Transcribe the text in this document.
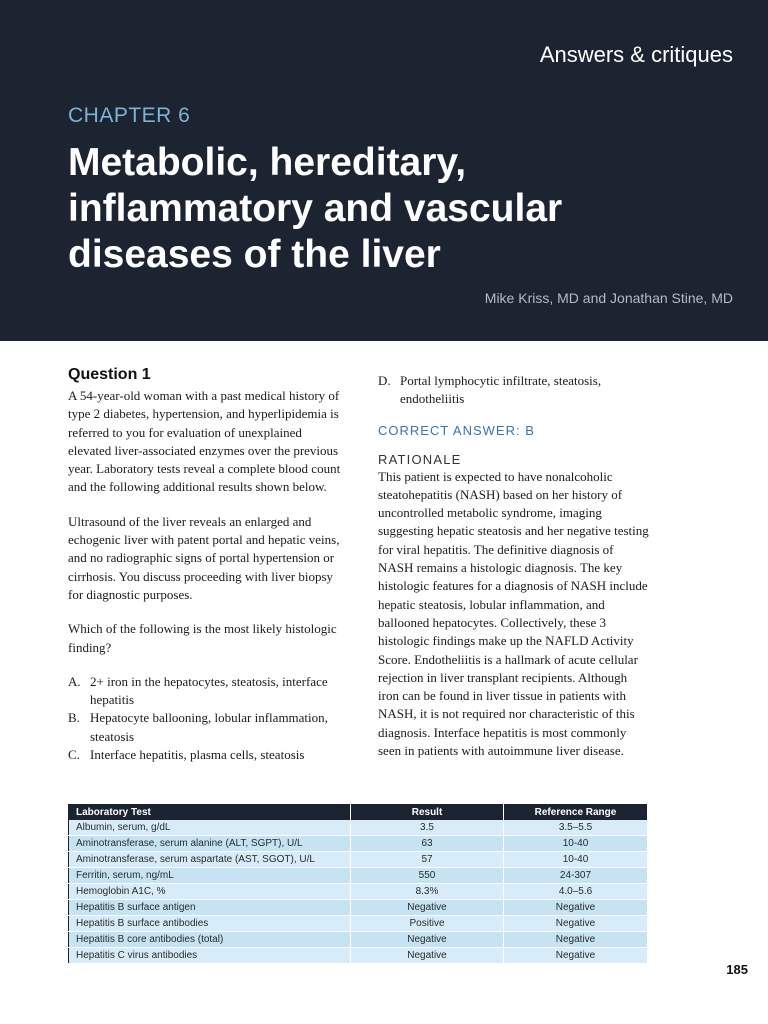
Answers & critiques

CHAPTER 6

Metabolic, hereditary,
inflammatory and vascular
diseases of the liver

Mike Kriss, MD and Jonathan Stine, MD

Question 1

A 54-year-old woman with a past medical history of type 2 diabetes, hypertension, and hyperlipidemia is referred to you for evaluation of unexplained elevated liver-associated enzymes over the previous year. Laboratory tests reveal a complete blood count and the following additional results shown below.

Ultrasound of the liver reveals an enlarged and echogenic liver with patent portal and hepatic veins, and no radiographic signs of portal hypertension or cirrhosis. You discuss proceeding with liver biopsy for diagnostic purposes.

Which of the following is the most likely histologic finding?

A. 2+ iron in the hepatocytes, steatosis, interface hepatitis
B. Hepatocyte ballooning, lobular inflammation, steatosis
C. Interface hepatitis, plasma cells, steatosis
D. Portal lymphocytic infiltrate, steatosis, endotheliitis

CORRECT ANSWER: B

RATIONALE

This patient is expected to have nonalcoholic steatohepatitis (NASH) based on her history of uncontrolled metabolic syndrome, imaging suggesting hepatic steatosis and her negative testing for viral hepatitis. The definitive diagnosis of NASH remains a histologic diagnosis. The key histologic features for a diagnosis of NASH include hepatic steatosis, lobular inflammation, and ballooned hepatocytes. Collectively, these 3 histologic findings make up the NAFLD Activity Score. Endotheliitis is a hallmark of acute cellular rejection in liver transplant recipients. Although iron can be found in liver tissue in patients with NASH, it is not required nor characteristic of this diagnosis. Interface hepatitis is most commonly seen in patients with autoimmune liver disease.

Laboratory Test	Result	Reference Range
Albumin, serum, g/dL	3.5	3.5–5.5
Aminotransferase, serum alanine (ALT, SGPT), U/L	63	10-40
Aminotransferase, serum aspartate (AST, SGOT), U/L	57	10-40
Ferritin, serum, ng/mL	550	24-307
Hemoglobin A1C, %	8.3%	4.0–5.6
Hepatitis B surface antigen	Negative	Negative
Hepatitis B surface antibodies	Positive	Negative
Hepatitis B core antibodies (total)	Negative	Negative
Hepatitis C virus antibodies	Negative	Negative

185
